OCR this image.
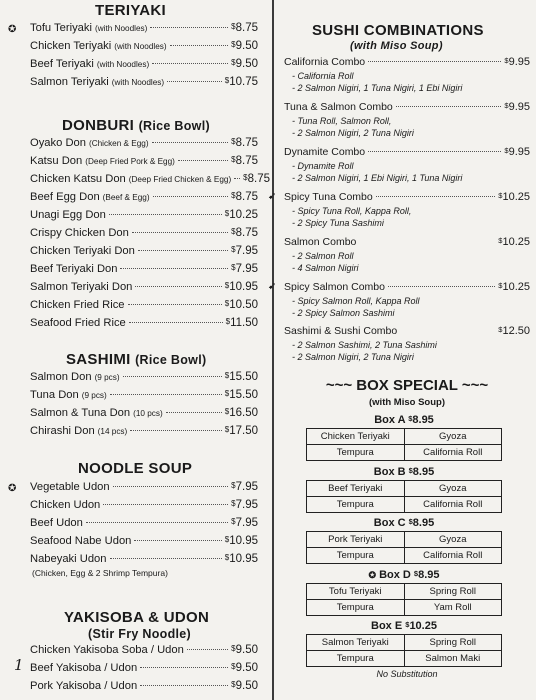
TERIYAKI
✪ Tofu Teriyaki (with Noodles)	$8.75
Chicken Teriyaki (with Noodles)	$9.50
Beef Teriyaki (with Noodles)	$9.50
Salmon Teriyaki (with Noodles)	$10.75
DONBURI (Rice Bowl)
Oyako Don (Chicken & Egg)	$8.75
Katsu Don (Deep Fried Pork & Egg)	$8.75
Chicken Katsu Don (Deep Fried Chicken & Egg) $8.75
Beef Egg Don (Beef & Egg)	$8.75
Unagi Egg Don	$10.25
Crispy Chicken Don	$8.75
Chicken Teriyaki Don	$7.95
Beef Teriyaki Don	$7.95
Salmon Teriyaki Don	$10.95
Chicken Fried Rice	$10.50
Seafood Fried Rice	$11.50
SASHIMI (Rice Bowl)
Salmon Don (9 pcs)	$15.50
Tuna Don (9 pcs)	$15.50
Salmon & Tuna Don (10 pcs)	$16.50
Chirashi Don (14 pcs)	$17.50
NOODLE SOUP
✪ Vegetable Udon	$7.95
Chicken Udon	$7.95
Beef Udon	$7.95
Seafood Nabe Udon	$10.95
Nabeyaki Udon	$10.95
(Chicken, Egg & 2 Shrimp Tempura)
YAKISOBA & UDON
(Stir Fry Noodle)
Chicken Yakisoba Soba / Udon	$9.50
1 Beef Yakisoba / Udon	$9.50
Pork Yakisoba / Udon	$9.50
SUSHI COMBINATIONS
(with Miso Soup)
California Combo	$9.95
- California Roll
- 2 Salmon Nigiri, 1 Tuna Nigiri, 1 Ebi Nigiri
Tuna & Salmon Combo	$9.95
- Tuna Roll, Salmon Roll,
- 2 Salmon Nigiri, 2 Tuna Nigiri
Dynamite Combo	$9.95
- Dynamite Roll
- 2 Salmon Nigiri, 1 Ebi Nigiri, 1 Tuna Nigiri
➹ Spicy Tuna Combo	$10.25
- Spicy Tuna Roll, Kappa Roll,
- 2 Spicy Tuna Sashimi
Salmon Combo	$10.25
- 2 Salmon Roll
- 4 Salmon Nigiri
➹ Spicy Salmon Combo	$10.25
- Spicy Salmon Roll, Kappa Roll
- 2 Spicy Salmon Sashimi
Sashimi & Sushi Combo	$12.50
- 2 Salmon Sashimi, 2 Tuna Sashimi
- 2 Salmon Nigiri, 2 Tuna Nigiri
~~~ BOX SPECIAL ~~~
(with Miso Soup)
Box A $8.95
Chicken Teriyaki	Gyoza
Tempura	California Roll
Box B $8.95
Beef Teriyaki	Gyoza
Tempura	California Roll
Box C $8.95
Pork Teriyaki	Gyoza
Tempura	California Roll
✪ Box D $8.95
Tofu Teriyaki	Spring Roll
Tempura	Yam Roll
Box E $10.25
Salmon Teriyaki	Spring Roll
Tempura	Salmon Maki
No Substitution
